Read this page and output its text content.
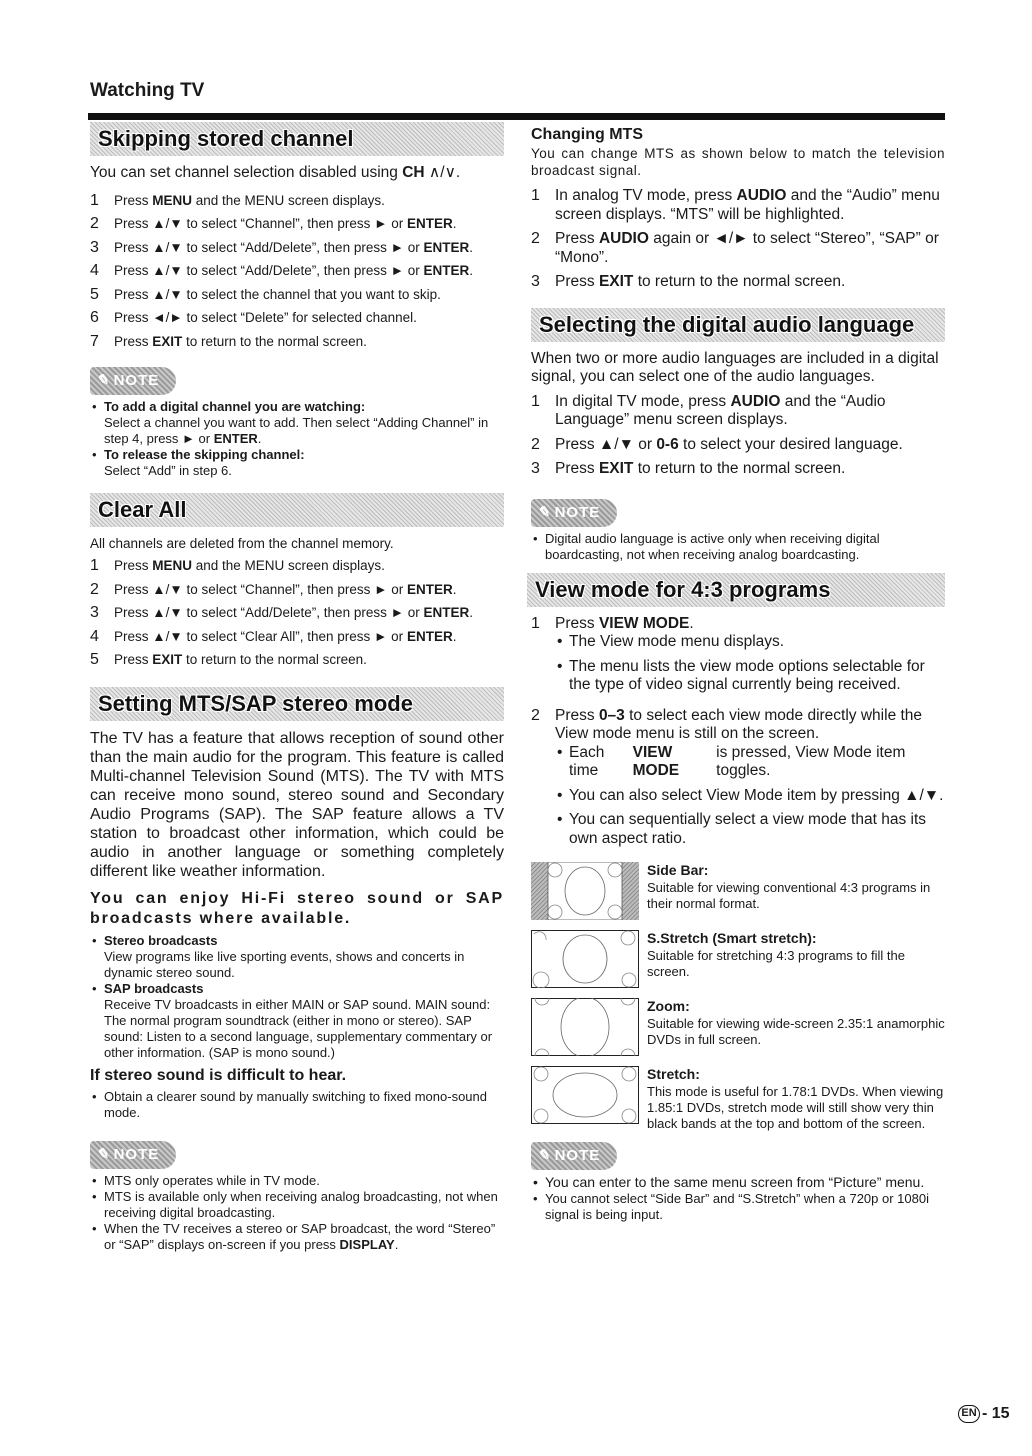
Watching TV
Skipping stored channel
You can set channel selection disabled using CH ∧/∨.
1	Press MENU and the MENU screen displays.
2	Press ▲/▼ to select “Channel”, then press ► or ENTER.
3	Press ▲/▼ to select “Add/Delete”, then press ► or ENTER.
4	Press ▲/▼ to select “Add/Delete”, then press ► or ENTER.
5	Press ▲/▼ to select the channel that you want to skip.
6	Press ◄/► to select “Delete” for selected channel.
7	Press EXIT to return to the normal screen.
✎ NOTE
• To add a digital channel you are watching:
Select a channel you want to add. Then select “Adding Channel” in step 4, press ► or ENTER.
• To release the skipping channel:
Select “Add” in step 6.
Clear All
All channels are deleted from the channel memory.
1	Press MENU and the MENU screen displays.
2	Press ▲/▼ to select “Channel”, then press ► or ENTER.
3	Press ▲/▼ to select “Add/Delete”, then press ► or ENTER.
4	Press ▲/▼ to select “Clear All”, then press ► or ENTER.
5	Press EXIT to return to the normal screen.
Setting MTS/SAP stereo mode
The TV has a feature that allows reception of sound other than the main audio for the program. This feature is called Multi-channel Television Sound (MTS). The TV with MTS can receive mono sound, stereo sound and Secondary Audio Programs (SAP). The SAP feature allows a TV station to broadcast other information, which could be audio in another language or something completely different like weather information.
You can enjoy Hi-Fi stereo sound or SAP broadcasts where available.
• Stereo broadcasts
View programs like live sporting events, shows and concerts in dynamic stereo sound.
• SAP broadcasts
Receive TV broadcasts in either MAIN or SAP sound. MAIN sound: The normal program soundtrack (either in mono or stereo). SAP sound: Listen to a second language, supplementary commentary or other information. (SAP is mono sound.)
If stereo sound is difficult to hear.
• Obtain a clearer sound by manually switching to fixed mono-sound mode.
✎ NOTE
• MTS only operates while in TV mode.
• MTS is available only when receiving analog broadcasting, not when receiving digital broadcasting.
• When the TV receives a stereo or SAP broadcast, the word “Stereo” or “SAP” displays on-screen if you press DISPLAY.
Changing MTS
You can change MTS as shown below to match the television broadcast signal.
1 In analog TV mode, press AUDIO and the “Audio” menu screen displays. “MTS” will be highlighted.
2 Press AUDIO again or ◄/► to select “Stereo”, “SAP” or “Mono”.
3 Press EXIT to return to the normal screen.
Selecting the digital audio language
When two or more audio languages are included in a digital signal, you can select one of the audio languages.
1 In digital TV mode, press AUDIO and the “Audio Language” menu screen displays.
2 Press ▲/▼ or 0-6 to select your desired language.
3 Press EXIT to return to the normal screen.
✎ NOTE
• Digital audio language is active only when receiving digital boardcasting, not when receiving analog boardcasting.
View mode for 4:3 programs
1 Press VIEW MODE.
• The View mode menu displays.
• The menu lists the view mode options selectable for the type of video signal currently being received.
2 Press 0–3 to select each view mode directly while the View mode menu is still on the screen.
• Each time
VIEW MODE
is pressed, View Mode item toggles.
• You can also select View Mode item by pressing ▲/▼.
• You can sequentially select a view mode that has its own aspect ratio.
Side Bar:
Suitable for viewing conventional 4:3 programs in their normal format.
S.Stretch (Smart stretch):
Suitable for stretching 4:3 programs to fill the screen.
Zoom:
Suitable for viewing wide-screen 2.35:1 anamorphic DVDs in full screen.
Stretch:
This mode is useful for 1.78:1 DVDs. When viewing 1.85:1 DVDs, stretch mode will still show very thin black bands at the top and bottom of the screen.
✎ NOTE
• You can enter to the same menu screen from “Picture” menu.
• You cannot select “Side Bar” and “S.Stretch” when a 720p or 1080i signal is being input.
EN - 15
